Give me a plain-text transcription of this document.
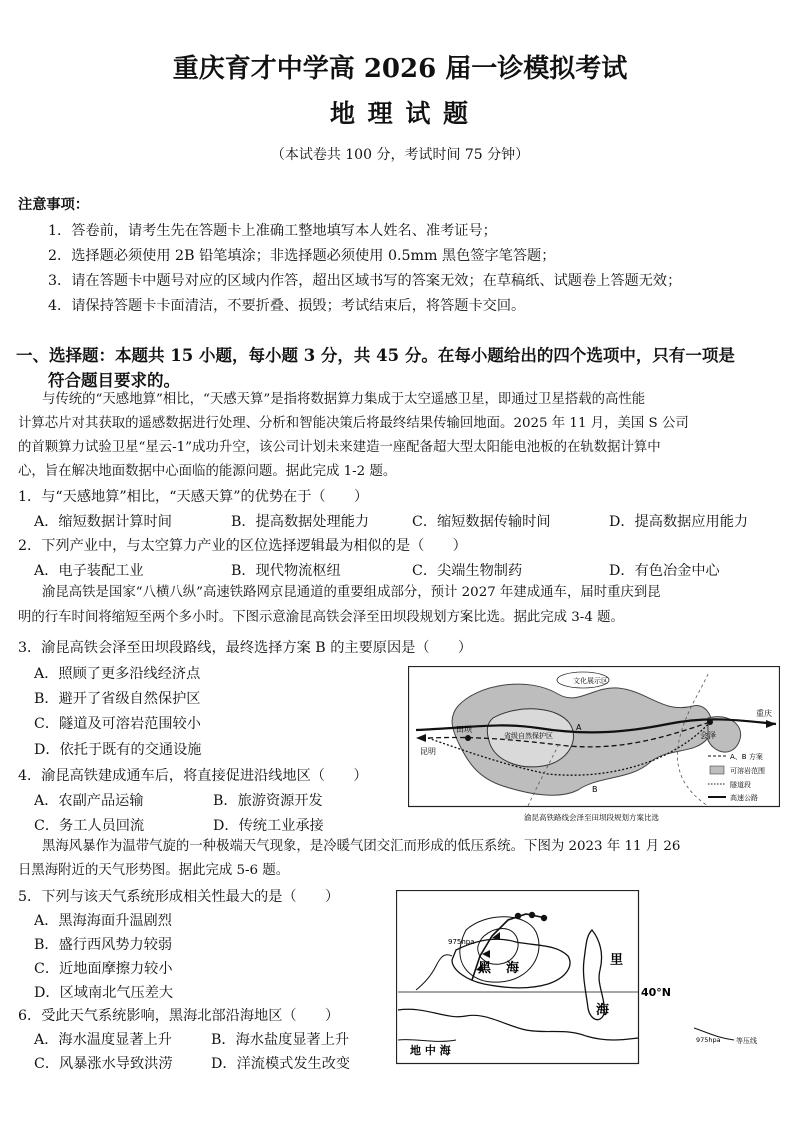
重庆育才中学高 2026 届一诊模拟考试
地 理 试 题
（本试卷共 100 分，考试时间 75 分钟）
注意事项：
1．答卷前，请考生先在答题卡上准确工整地填写本人姓名、准考证号；
2．选择题必须使用 2B 铅笔填涂；非选择题必须使用 0.5mm 黑色签字笔答题；
3．请在答题卡中题号对应的区域内作答，超出区域书写的答案无效；在草稿纸、试题卷上答题无效；
4．请保持答题卡卡面清洁，不要折叠、损毁；考试结束后，将答题卡交回。
一、选择题：本题共 15 小题，每小题 3 分，共 45 分。在每小题给出的四个选项中，只有一项是
符合题目要求的。
与传统的“天感地算”相比，“天感天算”是指将数据算力集成于太空遥感卫星，即通过卫星搭载的高性能
计算芯片对其获取的遥感数据进行处理、分析和智能决策后将最终结果传输回地面。2025 年 11 月，美国 S 公司
的首颗算力试验卫星“星云-1”成功升空，该公司计划未来建造一座配备超大型太阳能电池板的在轨数据计算中
心，旨在解决地面数据中心面临的能源问题。据此完成 1-2 题。
1．与“天感地算”相比，“天感天算”的优势在于（　　）
A．缩短数据计算时间	B．提高数据处理能力	C．缩短数据传输时间	D．提高数据应用能力
2．下列产业中，与太空算力产业的区位选择逻辑最为相似的是（　　）
A．电子装配工业	B．现代物流枢纽	C．尖端生物制药	D．有色冶金中心
渝昆高铁是国家“八横八纵”高速铁路网京昆通道的重要组成部分，预计 2027 年建成通车，届时重庆到昆
明的行车时间将缩短至两个多小时。下图示意渝昆高铁会泽至田坝段规划方案比选。据此完成 3-4 题。
3．渝昆高铁会泽至田坝段路线，最终选择方案 B 的主要原因是（　　）
A．照顾了更多沿线经济点
B．避开了省级自然保护区
C．隧道及可溶岩范围较小
D．依托于既有的交通设施
4．渝昆高铁建成通车后，将直接促进沿线地区（　　）
A．农副产品运输	B．旅游资源开发
C．务工人员回流	D．传统工业承接
文化展示区
省级自然保护区
昆明
田坝
会泽
重庆
A
B
A、B 方案
可溶岩范围
隧道段
高速公路
渝昆高铁路线会泽至田坝段规划方案比选
黑海风暴作为温带气旋的一种极端天气现象，是冷暖气团交汇而形成的低压系统。下图为 2023 年 11 月 26
日黑海附近的天气形势图。据此完成 5-6 题。
5．下列与该天气系统形成相关性最大的是（　　）
A．黑海海面升温剧烈
B．盛行西风势力较弱
C．近地面摩擦力较小
D．区域南北气压差大
6．受此天气系统影响，黑海北部沿海地区（　　）
A．海水温度显著上升	B．海水盐度显著上升
C．风暴涨水导致洪涝	D．洋流模式发生改变
975hpa
黑 海
里
海
40°N
地 中 海
975hpa 等压线
